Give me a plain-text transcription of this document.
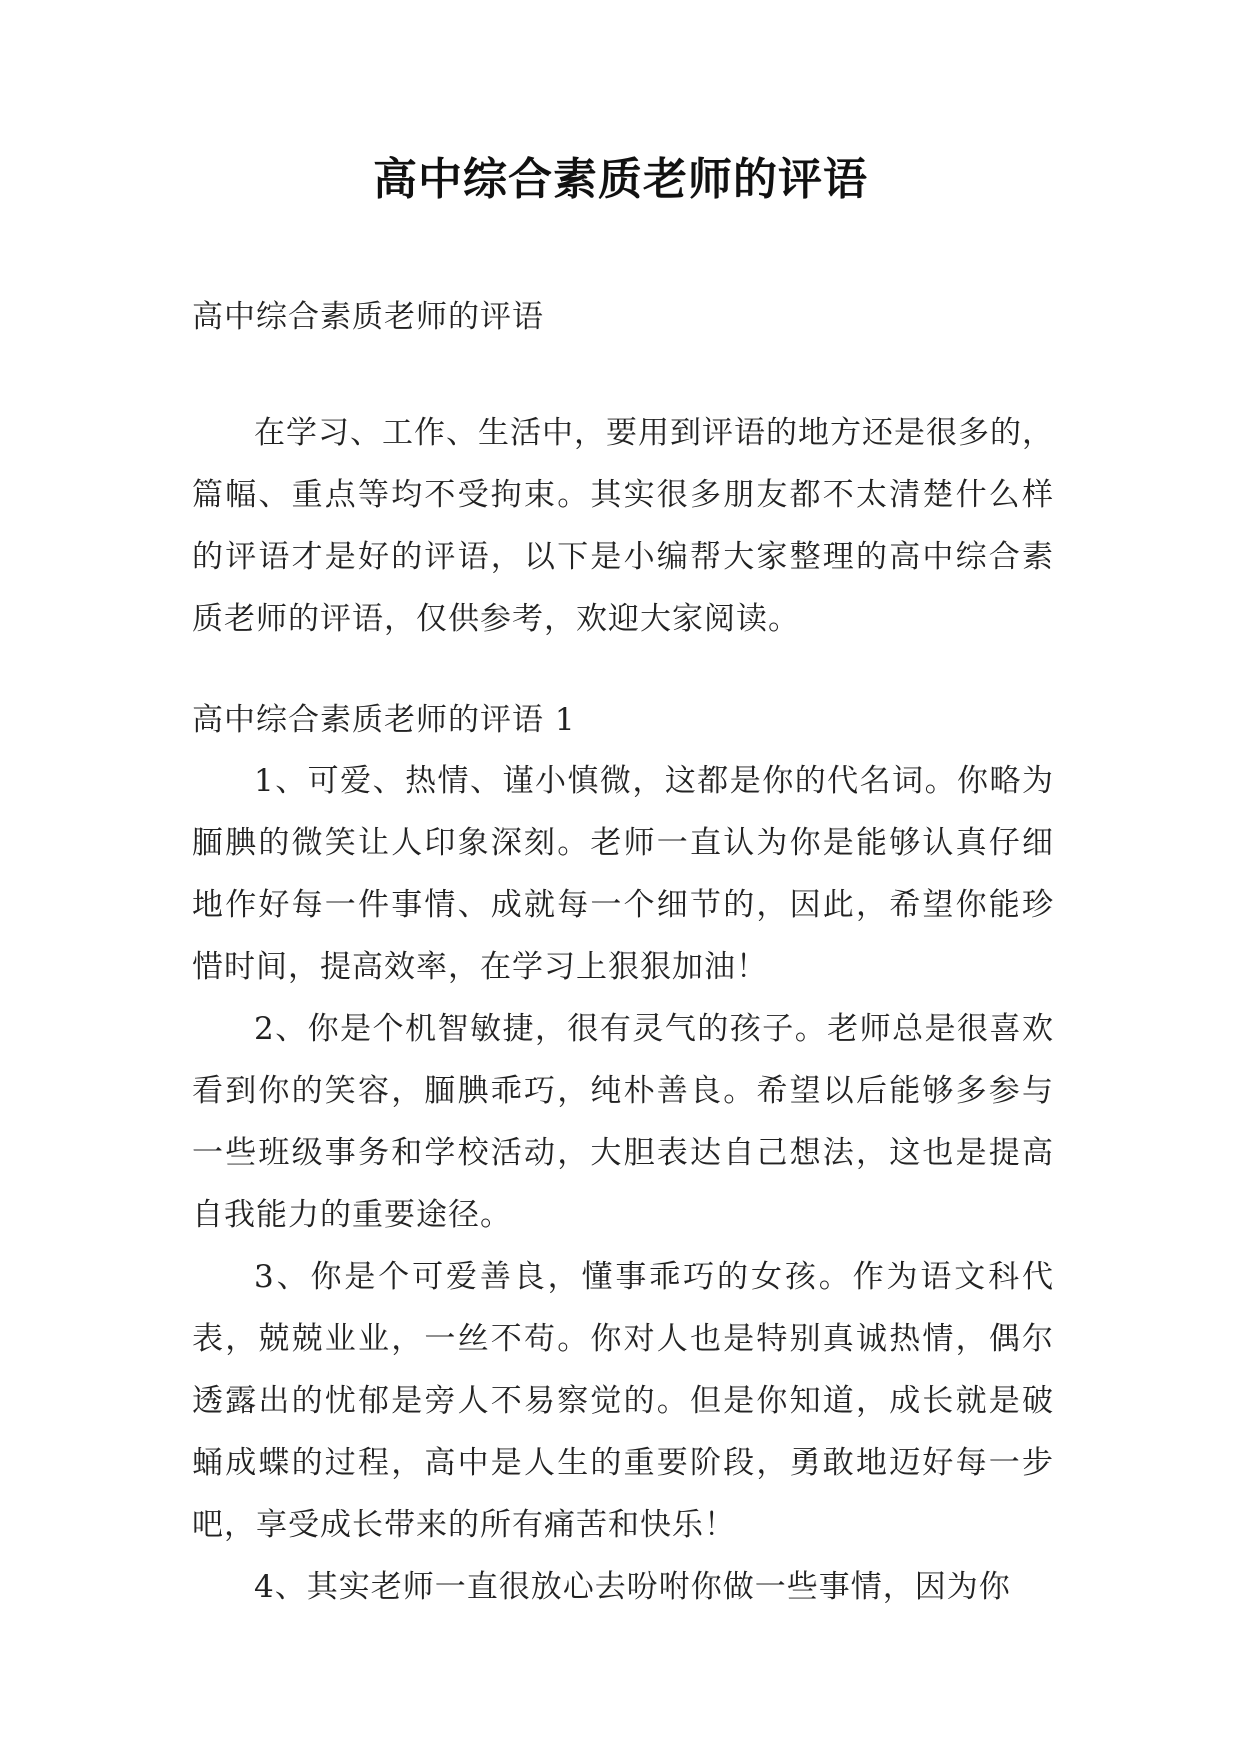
高中综合素质老师的评语
高中综合素质老师的评语
在学习、工作、生活中，要用到评语的地方还是很多的，篇幅、重点等均不受拘束。其实很多朋友都不太清楚什么样的评语才是好的评语，以下是小编帮大家整理的高中综合素质老师的评语，仅供参考，欢迎大家阅读。
高中综合素质老师的评语 1

1、可爱、热情、谨小慎微，这都是你的代名词。你略为腼腆的微笑让人印象深刻。老师一直认为你是能够认真仔细地作好每一件事情、成就每一个细节的，因此，希望你能珍惜时间，提高效率，在学习上狠狠加油！

2、你是个机智敏捷，很有灵气的孩子。老师总是很喜欢看到你的笑容，腼腆乖巧，纯朴善良。希望以后能够多参与一些班级事务和学校活动，大胆表达自己想法，这也是提高自我能力的重要途径。

3、你是个可爱善良，懂事乖巧的女孩。作为语文科代表，兢兢业业，一丝不苟。你对人也是特别真诚热情，偶尔透露出的忧郁是旁人不易察觉的。但是你知道，成长就是破蛹成蝶的过程，高中是人生的重要阶段，勇敢地迈好每一步吧，享受成长带来的所有痛苦和快乐！

4、其实老师一直很放心去吩咐你做一些事情，因为你
